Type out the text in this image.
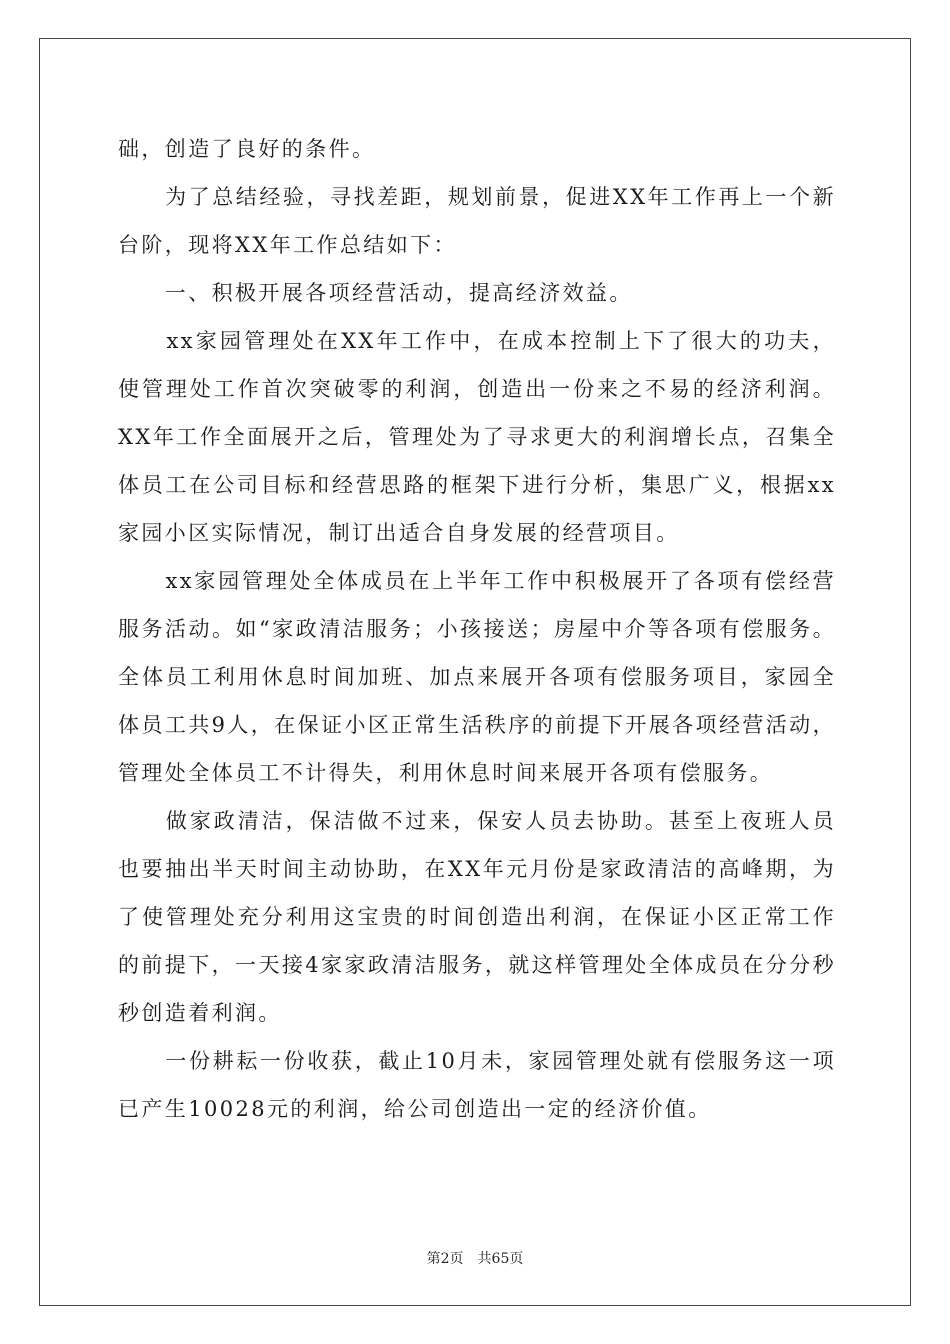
础，创造了良好的条件。

　　为了总结经验，寻找差距，规划前景，促进XX年工作再上一个新台阶，现将XX年工作总结如下：

　　一、积极开展各项经营活动，提高经济效益。

　　xx家园管理处在XX年工作中，在成本控制上下了很大的功夫，使管理处工作首次突破零的利润，创造出一份来之不易的经济利润。XX年工作全面展开之后，管理处为了寻求更大的利润增长点，召集全体员工在公司目标和经营思路的框架下进行分析，集思广义，根据xx家园小区实际情况，制订出适合自身发展的经营项目。

　　xx家园管理处全体成员在上半年工作中积极展开了各项有偿经营服务活动。如“家政清洁服务；小孩接送；房屋中介等各项有偿服务。全体员工利用休息时间加班、加点来展开各项有偿服务项目，家园全体员工共9人，在保证小区正常生活秩序的前提下开展各项经营活动，管理处全体员工不计得失，利用休息时间来展开各项有偿服务。

　　做家政清洁，保洁做不过来，保安人员去协助。甚至上夜班人员也要抽出半天时间主动协助，在XX年元月份是家政清洁的高峰期，为了使管理处充分利用这宝贵的时间创造出利润，在保证小区正常工作的前提下，一天接4家家政清洁服务，就这样管理处全体成员在分分秒秒创造着利润。

　　一份耕耘一份收获，截止10月未，家园管理处就有偿服务这一项已产生10028元的利润，给公司创造出一定的经济价值。

第2页　共65页
